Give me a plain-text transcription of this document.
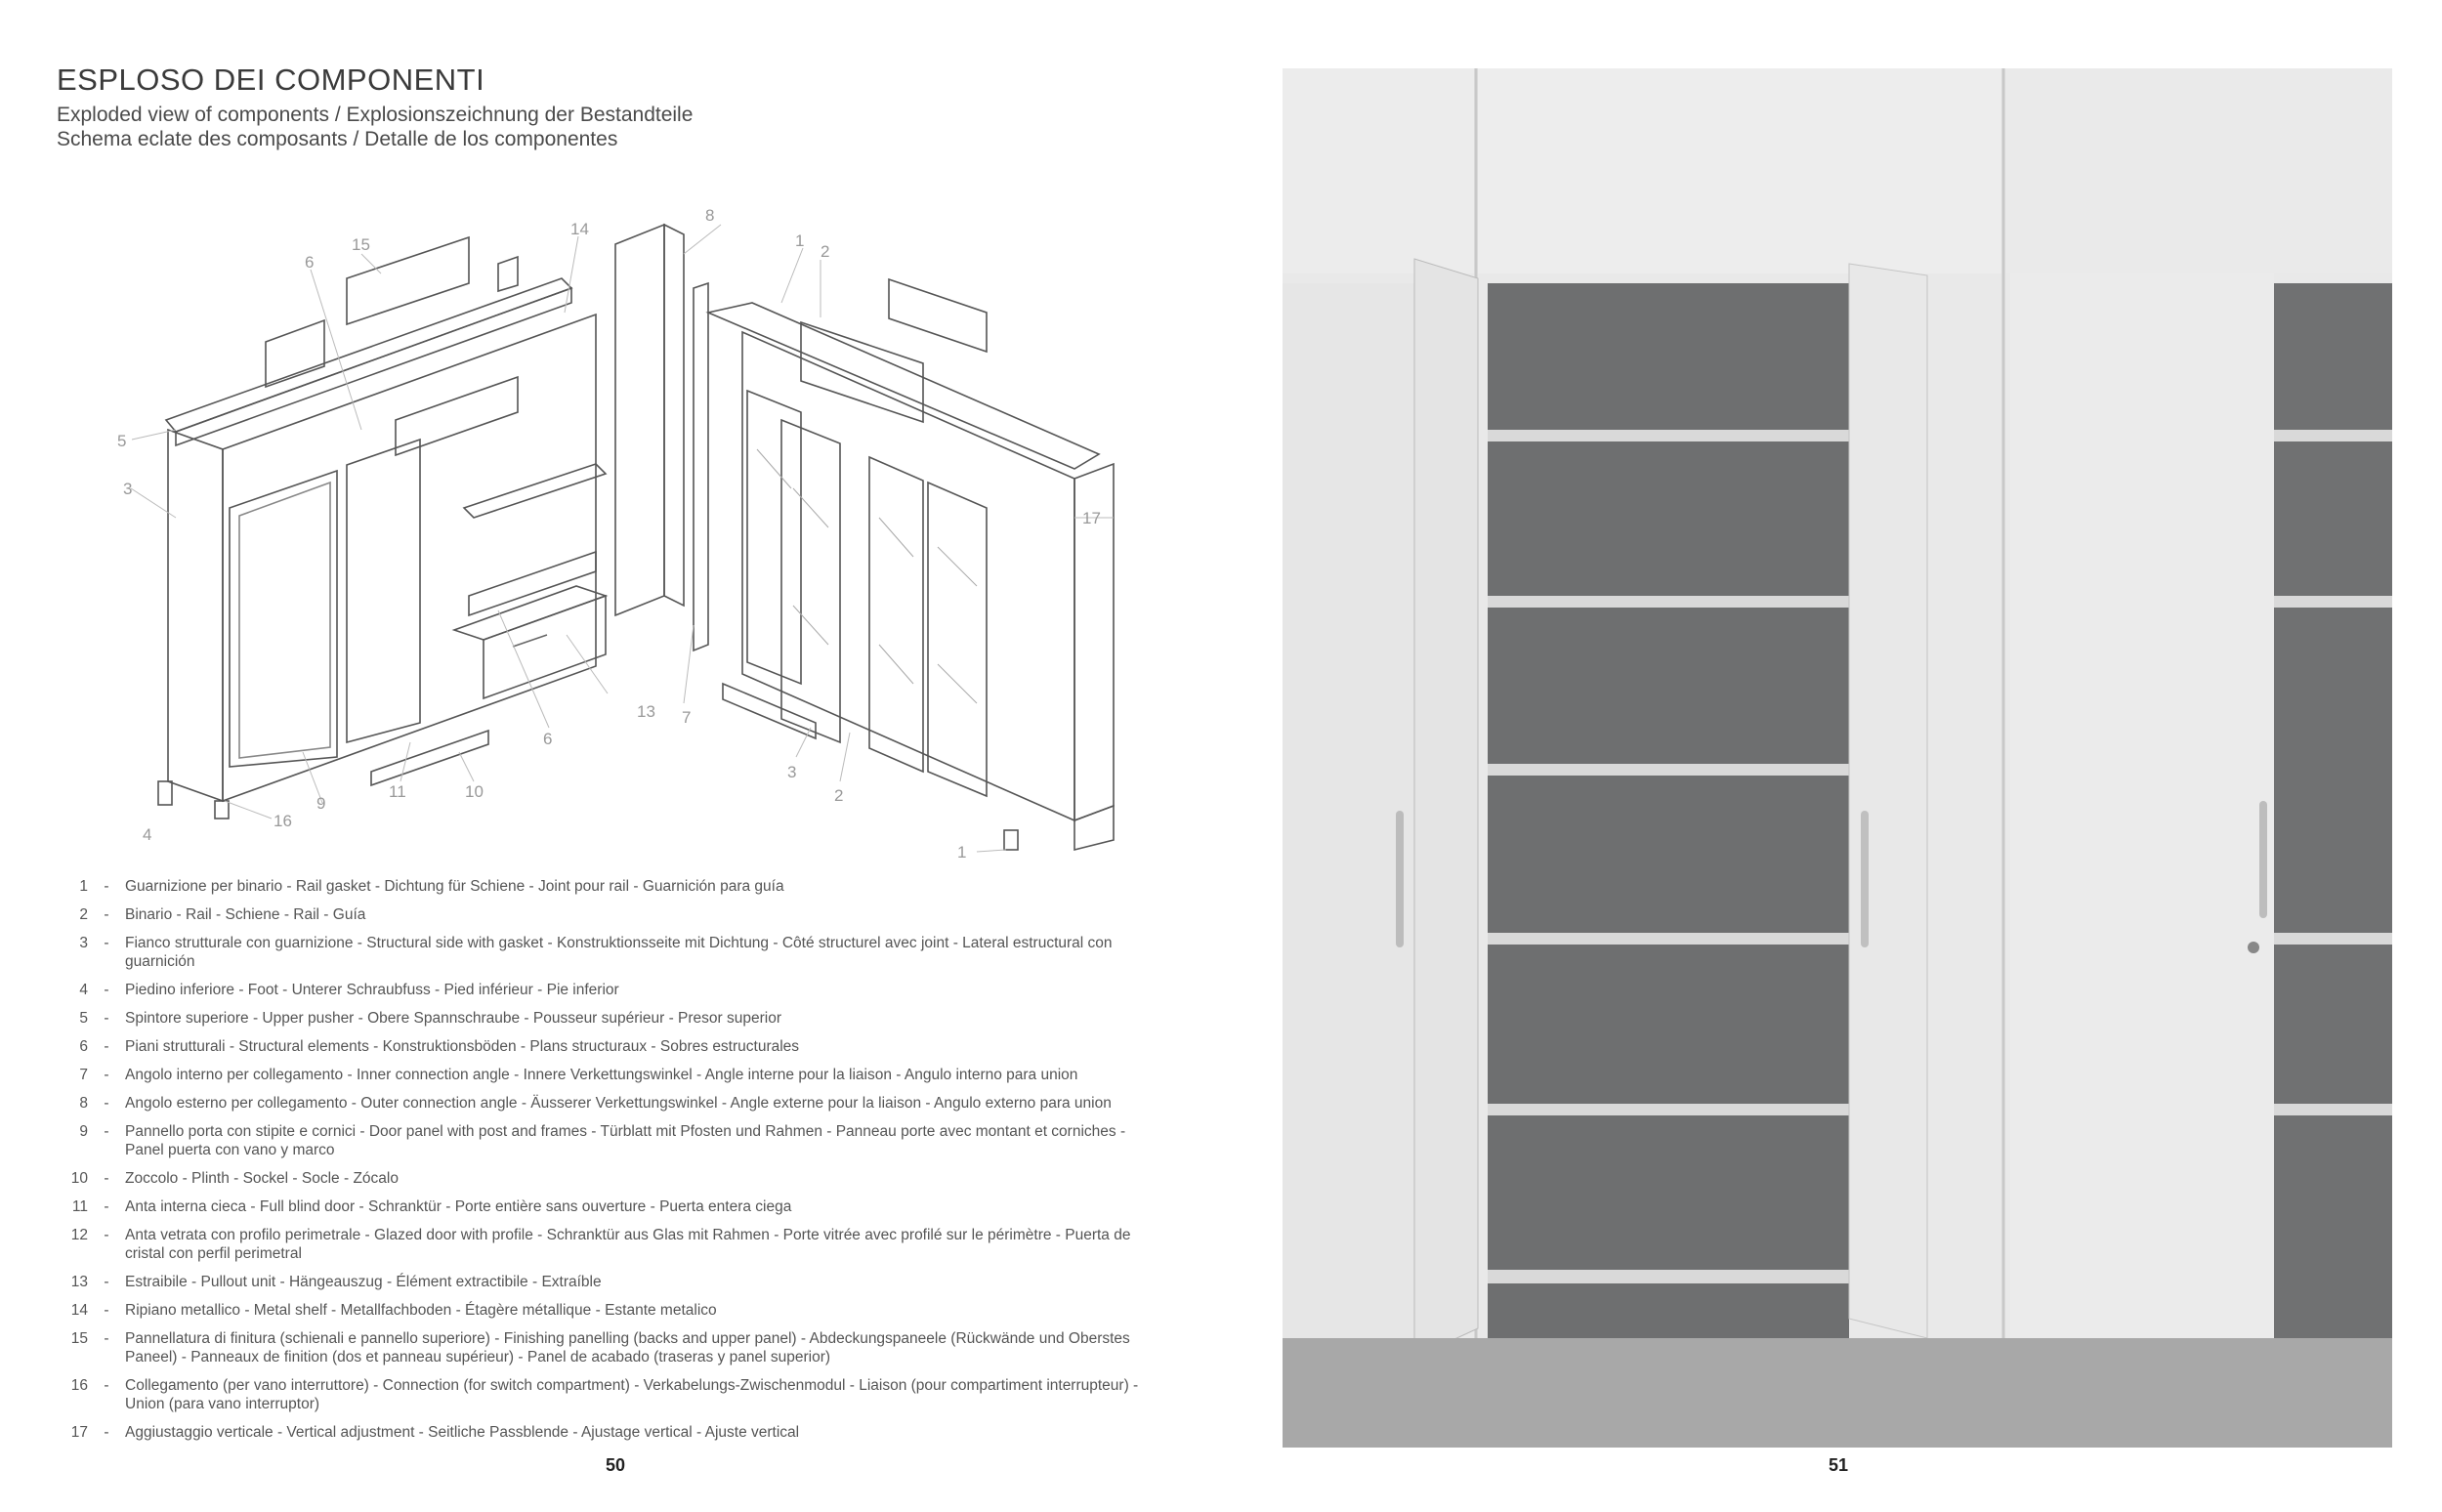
ESPLOSO DEI COMPONENTI
Exploded view of components / Explosionszeichnung der Bestandteile
Schema eclate des composants / Detalle de los componentes
15
14
8
1
2
6
5
3
17
13 7
6
3
2
11	10
9
16
4
1
1	-	Guarnizione per binario - Rail gasket - Dichtung für Schiene - Joint pour rail - Guarnición para guía
2	-	Binario - Rail - Schiene - Rail - Guía
3	-	Fianco strutturale con guarnizione - Structural side with gasket - Konstruktionsseite mit Dichtung - Côté structurel avec joint - Lateral estructural con guarnición
4	-	Piedino inferiore - Foot - Unterer Schraubfuss - Pied inférieur - Pie inferior
5	-	Spintore superiore - Upper pusher - Obere Spannschraube - Pousseur supérieur - Presor superior
6	-	Piani strutturali - Structural elements - Konstruktionsböden - Plans structuraux - Sobres estructurales
7	-	Angolo interno per collegamento - Inner connection angle - Innere Verkettungswinkel - Angle interne pour la liaison - Angulo interno para union
8	-	Angolo esterno per collegamento - Outer connection angle - Äusserer Verkettungswinkel - Angle externe pour la liaison - Angulo externo para union
9	-	Pannello porta con stipite e cornici - Door panel with post and frames - Türblatt mit Pfosten und Rahmen - Panneau porte avec montant et corniches - Panel puerta con vano y marco
10	-	Zoccolo - Plinth - Sockel - Socle - Zócalo
11	-	Anta interna cieca - Full blind door - Schranktür - Porte entière sans ouverture - Puerta entera ciega
12	-	Anta vetrata con profilo perimetrale - Glazed door with profile - Schranktür aus Glas mit Rahmen - Porte vitrée avec profilé sur le périmètre - Puerta de cristal con perfil perimetral
13	-	Estraibile - Pullout unit - Hängeauszug - Élément extractibile - Extraíble
14	-	Ripiano metallico - Metal shelf - Metallfachboden - Étagère métallique - Estante metalico
15	-	Pannellatura di finitura (schienali e pannello superiore) - Finishing panelling (backs and upper panel) - Abdeckungspaneele (Rückwände und Oberstes Paneel) - Panneaux de finition (dos et panneau supérieur) - Panel de acabado (traseras y panel superior)
16	-	Collegamento (per vano interruttore) - Connection (for switch compartment) - Verkabelungs-Zwischenmodul - Liaison (pour compartiment interrupteur) - Union (para vano interruptor)
17	-	Aggiustaggio verticale - Vertical adjustment - Seitliche Passblende - Ajustage vertical - Ajuste vertical
50	51
